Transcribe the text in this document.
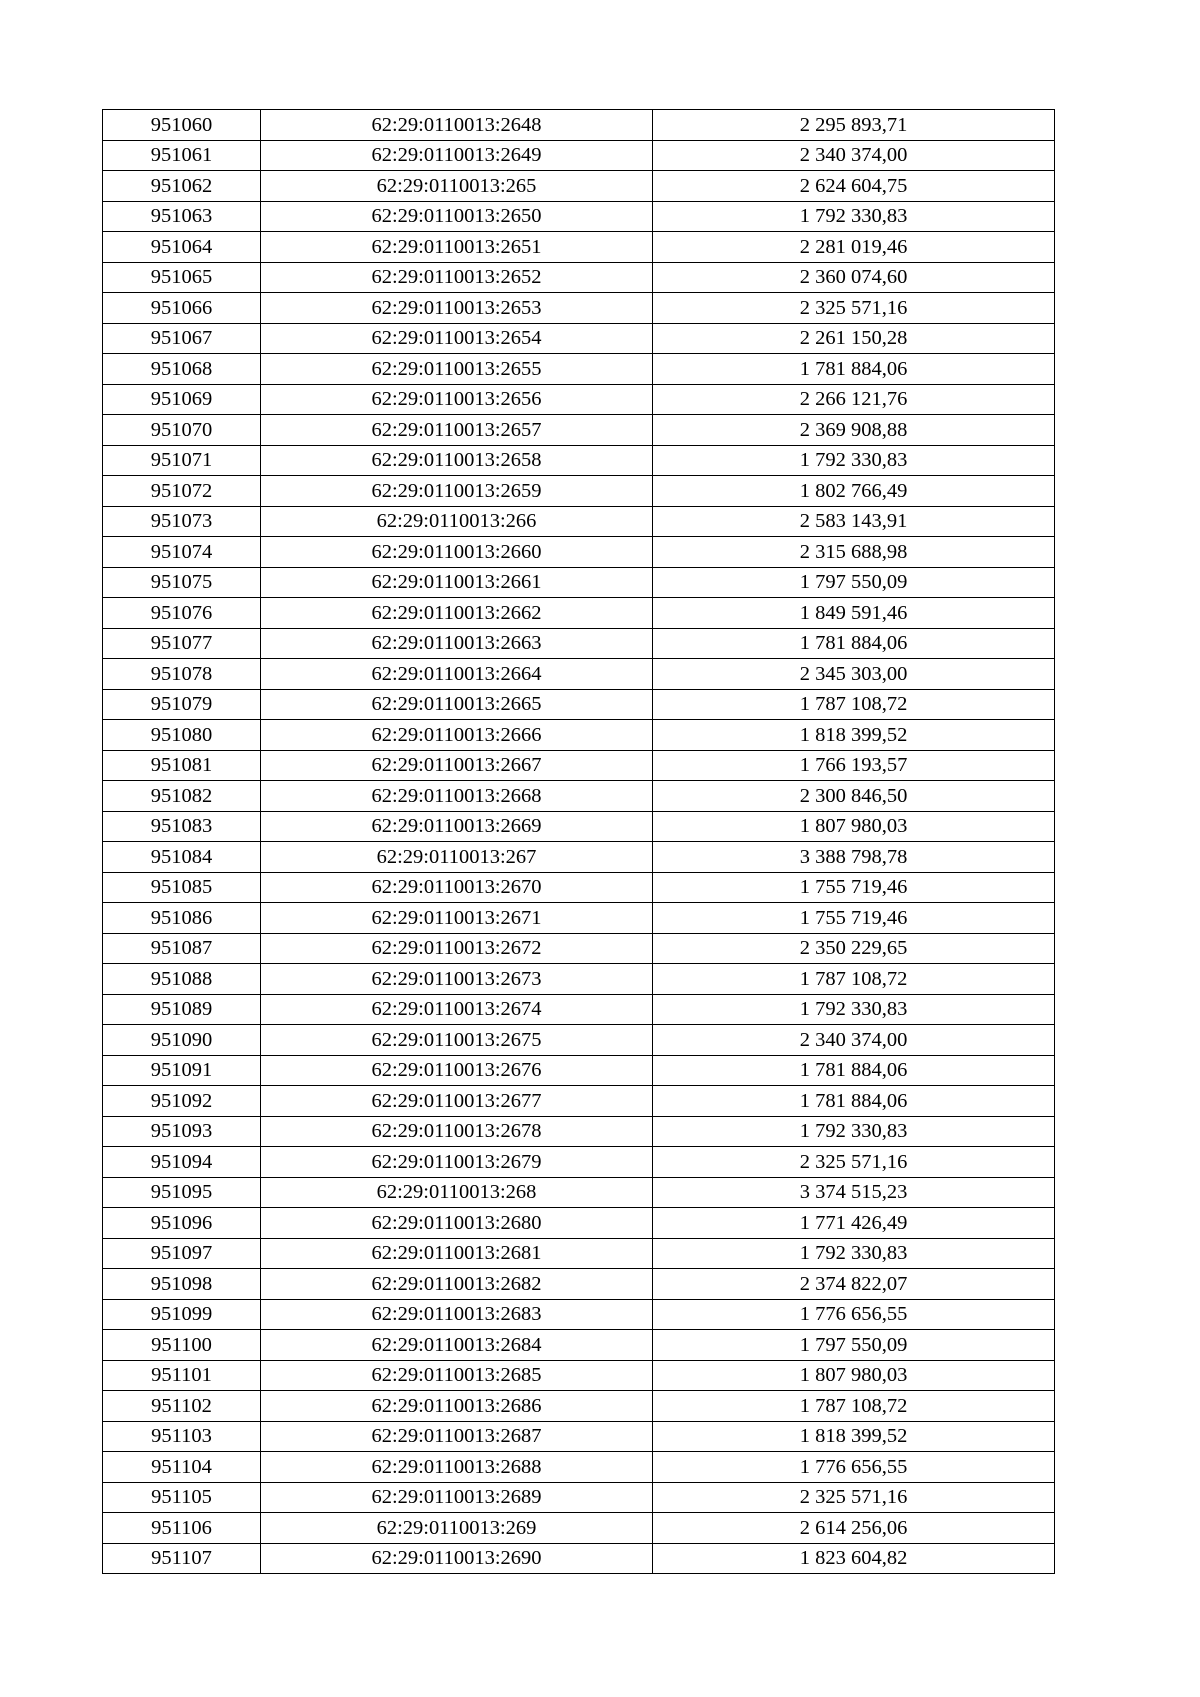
951060	62:29:0110013:2648	2 295 893,71
951061	62:29:0110013:2649	2 340 374,00
951062	62:29:0110013:265	2 624 604,75
951063	62:29:0110013:2650	1 792 330,83
951064	62:29:0110013:2651	2 281 019,46
951065	62:29:0110013:2652	2 360 074,60
951066	62:29:0110013:2653	2 325 571,16
951067	62:29:0110013:2654	2 261 150,28
951068	62:29:0110013:2655	1 781 884,06
951069	62:29:0110013:2656	2 266 121,76
951070	62:29:0110013:2657	2 369 908,88
951071	62:29:0110013:2658	1 792 330,83
951072	62:29:0110013:2659	1 802 766,49
951073	62:29:0110013:266	2 583 143,91
951074	62:29:0110013:2660	2 315 688,98
951075	62:29:0110013:2661	1 797 550,09
951076	62:29:0110013:2662	1 849 591,46
951077	62:29:0110013:2663	1 781 884,06
951078	62:29:0110013:2664	2 345 303,00
951079	62:29:0110013:2665	1 787 108,72
951080	62:29:0110013:2666	1 818 399,52
951081	62:29:0110013:2667	1 766 193,57
951082	62:29:0110013:2668	2 300 846,50
951083	62:29:0110013:2669	1 807 980,03
951084	62:29:0110013:267	3 388 798,78
951085	62:29:0110013:2670	1 755 719,46
951086	62:29:0110013:2671	1 755 719,46
951087	62:29:0110013:2672	2 350 229,65
951088	62:29:0110013:2673	1 787 108,72
951089	62:29:0110013:2674	1 792 330,83
951090	62:29:0110013:2675	2 340 374,00
951091	62:29:0110013:2676	1 781 884,06
951092	62:29:0110013:2677	1 781 884,06
951093	62:29:0110013:2678	1 792 330,83
951094	62:29:0110013:2679	2 325 571,16
951095	62:29:0110013:268	3 374 515,23
951096	62:29:0110013:2680	1 771 426,49
951097	62:29:0110013:2681	1 792 330,83
951098	62:29:0110013:2682	2 374 822,07
951099	62:29:0110013:2683	1 776 656,55
951100	62:29:0110013:2684	1 797 550,09
951101	62:29:0110013:2685	1 807 980,03
951102	62:29:0110013:2686	1 787 108,72
951103	62:29:0110013:2687	1 818 399,52
951104	62:29:0110013:2688	1 776 656,55
951105	62:29:0110013:2689	2 325 571,16
951106	62:29:0110013:269	2 614 256,06
951107	62:29:0110013:2690	1 823 604,82
